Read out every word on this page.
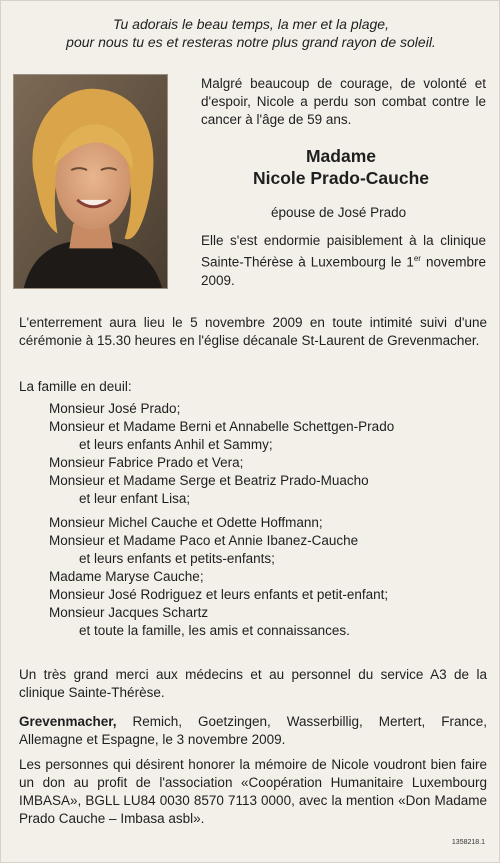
Tu adorais le beau temps, la mer et la plage,
pour nous tu es et resteras notre plus grand rayon de soleil.
Malgré beaucoup de courage, de volonté et d'espoir, Nicole a perdu son combat contre le cancer à l'âge de 59 ans.
Madame
Nicole Prado-Cauche
épouse de José Prado
Elle s'est endormie paisiblement à la clinique Sainte-Thérèse à Luxembourg le 1er novembre 2009.
L'enterrement aura lieu le 5 novembre 2009 en toute intimité suivi d'une cérémonie à 15.30 heures en l'église décanale St-Laurent de Grevenmacher.
La famille en deuil:
Monsieur José Prado;
Monsieur et Madame Berni et Annabelle Schettgen-Prado
et leurs enfants Anhil et Sammy;
Monsieur Fabrice Prado et Vera;
Monsieur et Madame Serge et Beatriz Prado-Muacho
et leur enfant Lisa;
Monsieur Michel Cauche et Odette Hoffmann;
Monsieur et Madame Paco et Annie Ibanez-Cauche
et leurs enfants et petits-enfants;
Madame Maryse Cauche;
Monsieur José Rodriguez et leurs enfants et petit-enfant;
Monsieur Jacques Schartz
et toute la famille, les amis et connaissances.
Un très grand merci aux médecins et au personnel du service A3 de la clinique Sainte-Thérèse.
Grevenmacher, Remich, Goetzingen, Wasserbillig, Mertert, France, Allemagne et Espagne, le 3 novembre 2009.
Les personnes qui désirent honorer la mémoire de Nicole voudront bien faire un don au profit de l'association «Coopération Humanitaire Luxembourg IMBASA», BGLL LU84 0030 8570 7113 0000, avec la mention «Don Madame Prado Cauche – Imbasa asbl».
1358218.1
